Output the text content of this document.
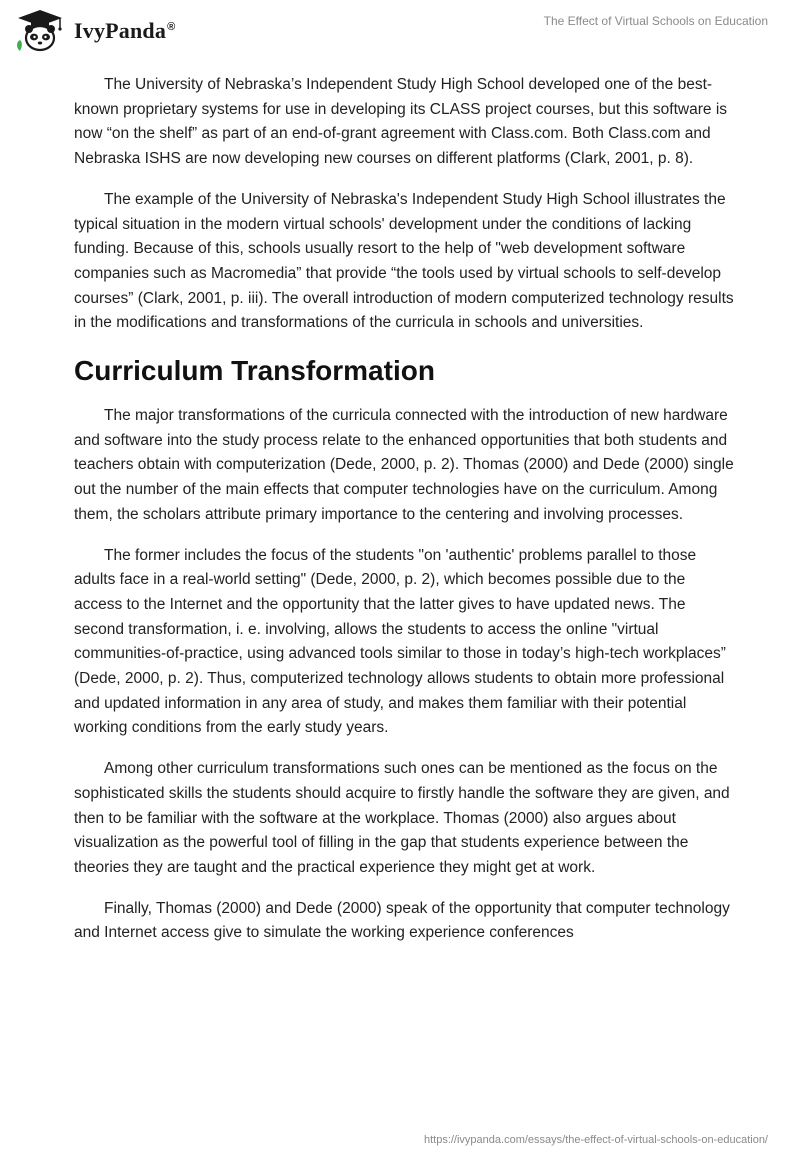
IvyPanda®	The Effect of Virtual Schools on Education

The University of Nebraska’s Independent Study High School developed one of the best-known proprietary systems for use in developing its CLASS project courses, but this software is now “on the shelf” as part of an end-of-grant agreement with Class.com. Both Class.com and Nebraska ISHS are now developing new courses on different platforms (Clark, 2001, p. 8).

The example of the University of Nebraska's Independent Study High School illustrates the typical situation in the modern virtual schools' development under the conditions of lacking funding. Because of this, schools usually resort to the help of "web development software companies such as Macromedia” that provide “the tools used by virtual schools to self-develop courses” (Clark, 2001, p. iii). The overall introduction of modern computerized technology results in the modifications and transformations of the curricula in schools and universities.

Curriculum Transformation

The major transformations of the curricula connected with the introduction of new hardware and software into the study process relate to the enhanced opportunities that both students and teachers obtain with computerization (Dede, 2000, p. 2). Thomas (2000) and Dede (2000) single out the number of the main effects that computer technologies have on the curriculum. Among them, the scholars attribute primary importance to the centering and involving processes.

The former includes the focus of the students "on 'authentic' problems parallel to those adults face in a real-world setting" (Dede, 2000, p. 2), which becomes possible due to the access to the Internet and the opportunity that the latter gives to have updated news. The second transformation, i. e. involving, allows the students to access the online "virtual communities-of-practice, using advanced tools similar to those in today’s high-tech workplaces” (Dede, 2000, p. 2). Thus, computerized technology allows students to obtain more professional and updated information in any area of study, and makes them familiar with their potential working conditions from the early study years.

Among other curriculum transformations such ones can be mentioned as the focus on the sophisticated skills the students should acquire to firstly handle the software they are given, and then to be familiar with the software at the workplace. Thomas (2000) also argues about visualization as the powerful tool of filling in the gap that students experience between the theories they are taught and the practical experience they might get at work.

Finally, Thomas (2000) and Dede (2000) speak of the opportunity that computer technology and Internet access give to simulate the working experience conferences

https://ivypanda.com/essays/the-effect-of-virtual-schools-on-education/
